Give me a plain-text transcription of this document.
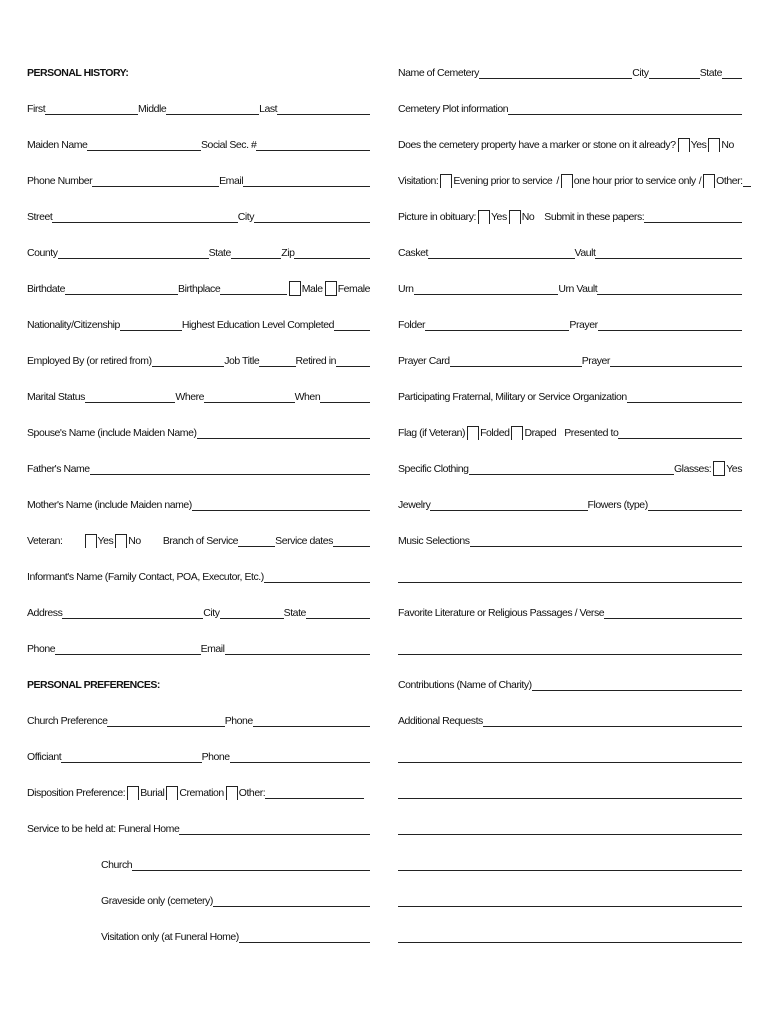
PERSONAL HISTORY:
First	Middle	Last
Maiden Name	Social Sec. #
Phone Number	Email
Street	City
County	State	Zip
Birthdate	Birthplace	Male Female
Nationality/Citizenship	Highest Education Level Completed
Employed By (or retired from)	Job Title	Retired in
Marital Status	Where	When
Spouse's Name (include Maiden Name)
Father's Name
Mother's Name (include Maiden name)
Veteran:	Yes No Branch of Service	Service dates
Informant's Name (Family Contact, POA, Executor, Etc.)
Address	City	State
Phone	Email
PERSONAL PREFERENCES:
Church Preference	Phone
Officiant	Phone
Disposition Preference: Burial Cremation Other:
Service to be held at: Funeral Home
Church
Graveside only (cemetery)
Visitation only (at Funeral Home)
Name of Cemetery	City	State
Cemetery Plot information
Does the cemetery property have a marker or stone on it already? Yes No
Visitation: Evening prior to service / one hour prior to service only / Other:
Picture in obituary: Yes No Submit in these papers:
Casket	Vault
Urn	Urn Vault
Folder	Prayer
Prayer Card	Prayer
Participating Fraternal, Military or Service Organization
Flag (if Veteran) Folded Draped Presented to
Specific Clothing	Glasses: Yes
Jewelry	Flowers (type)
Music Selections
Favorite Literature or Religious Passages / Verse
Contributions (Name of Charity)
Additional Requests
